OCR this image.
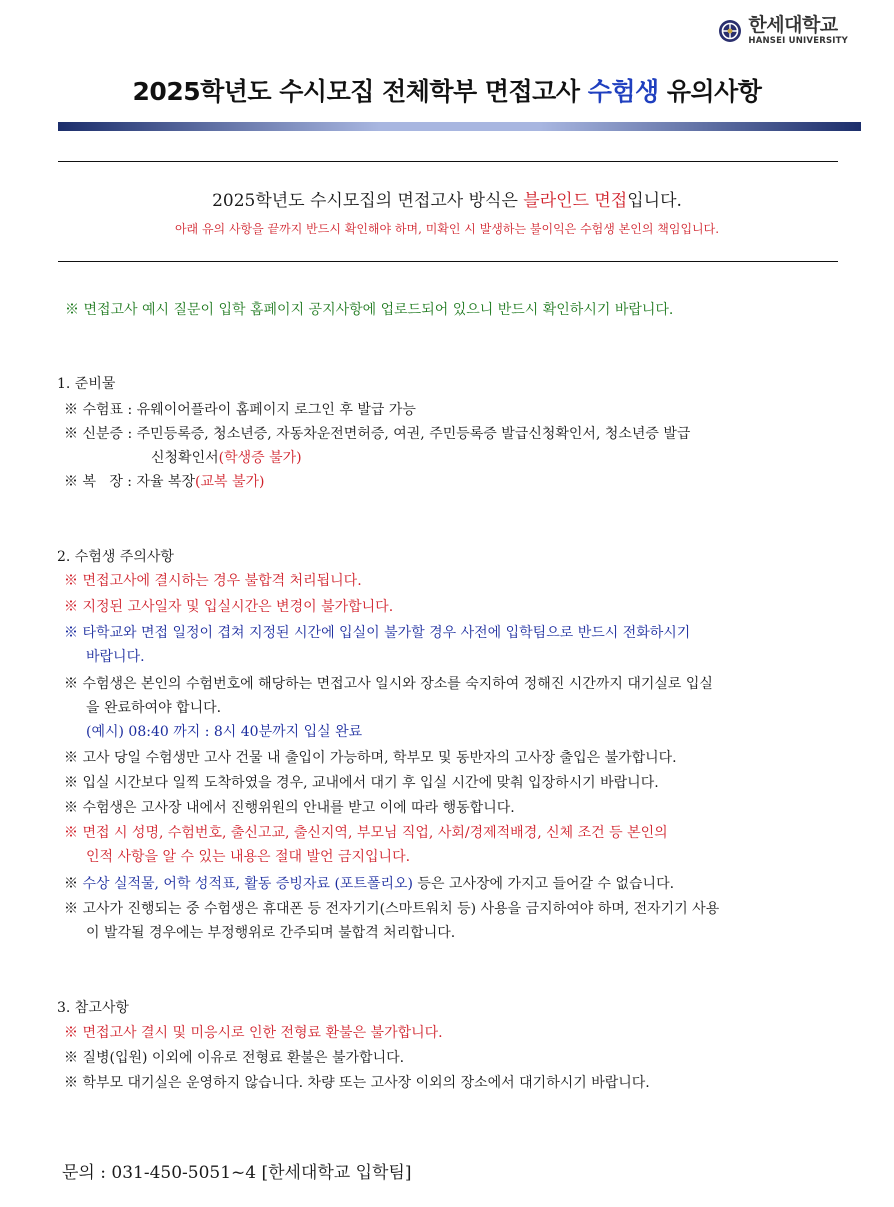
한세대학교
HANSEI UNIVERSITY
2025학년도 수시모집 전체학부 면접고사 수험생 유의사항
2025학년도 수시모집의 면접고사 방식은 블라인드 면접입니다.
아래 유의 사항을 끝까지 반드시 확인해야 하며, 미확인 시 발생하는 불이익은 수험생 본인의 책임입니다.
※ 면접고사 예시 질문이 입학 홈페이지 공지사항에 업로드되어 있으니 반드시 확인하시기 바랍니다.
1. 준비물
※ 수험표 : 유웨이어플라이 홈페이지 로그인 후 발급 가능
※ 신분증 : 주민등록증, 청소년증, 자동차운전면허증, 여권, 주민등록증 발급신청확인서, 청소년증 발급
신청확인서(학생증 불가)
※ 복   장 : 자율 복장(교복 불가)
2. 수험생 주의사항
※ 면접고사에 결시하는 경우 불합격 처리됩니다.
※ 지정된 고사일자 및 입실시간은 변경이 불가합니다.
※ 타학교와 면접 일정이 겹쳐 지정된 시간에 입실이 불가할 경우 사전에 입학팀으로 반드시 전화하시기
바랍니다.
※ 수험생은 본인의 수험번호에 해당하는 면접고사 일시와 장소를 숙지하여 정해진 시간까지 대기실로 입실
을 완료하여야 합니다.
(예시) 08:40 까지 : 8시 40분까지 입실 완료
※ 고사 당일 수험생만 고사 건물 내 출입이 가능하며, 학부모 및 동반자의 고사장 출입은 불가합니다.
※ 입실 시간보다 일찍 도착하였을 경우, 교내에서 대기 후 입실 시간에 맞춰 입장하시기 바랍니다.
※ 수험생은 고사장 내에서 진행위원의 안내를 받고 이에 따라 행동합니다.
※ 면접 시 성명, 수험번호, 출신고교, 출신지역, 부모님 직업, 사회/경제적배경, 신체 조건 등 본인의
인적 사항을 알 수 있는 내용은 절대 발언 금지입니다.
※ 수상 실적물, 어학 성적표, 활동 증빙자료 (포트폴리오) 등은 고사장에 가지고 들어갈 수 없습니다.
※ 고사가 진행되는 중 수험생은 휴대폰 등 전자기기(스마트워치 등) 사용을 금지하여야 하며, 전자기기 사용
이 발각될 경우에는 부정행위로 간주되며 불합격 처리합니다.
3. 참고사항
※ 면접고사 결시 및 미응시로 인한 전형료 환불은 불가합니다.
※ 질병(입원) 이외에 이유로 전형료 환불은 불가합니다.
※ 학부모 대기실은 운영하지 않습니다. 차량 또는 고사장 이외의 장소에서 대기하시기 바랍니다.
문의 : 031-450-5051~4 [한세대학교 입학팀]
